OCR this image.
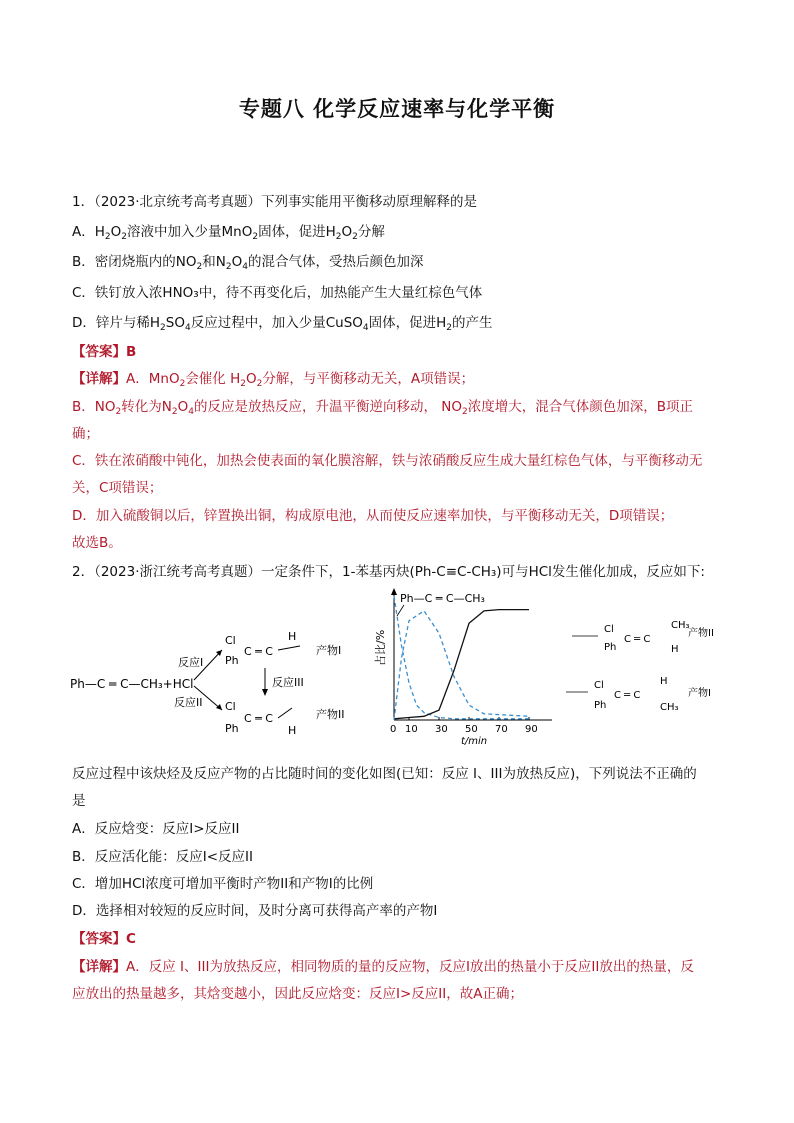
专题八 化学反应速率与化学平衡
1．（2023·北京统考高考真题）下列事实能用平衡移动原理解释的是
A．$H_2O_2$溶液中加入少量MnO$_2$固体，促进$H_2O_2$分解
B．密闭烧瓶内的$NO_2$和$N_2O_4$的混合气体，受热后颜色加深
C．铁钉放入浓HNO₃中，待不再变化后，加热能产生大量红棕色气体
D．锌片与稀$H_2SO_4$反应过程中，加入少量CuSO$_4$固体，促进$H_2$的产生
【答案】B
【详解】A．MnO$_2$会催化 $H_2O_2$分解，与平衡移动无关，A项错误；
B．$NO_2$转化为$N_2O_4$的反应是放热反应，升温平衡逆向移动， $NO_2$浓度增大，混合气体颜色加深，B项正
确；
C．铁在浓硝酸中钝化，加热会使表面的氧化膜溶解，铁与浓硝酸反应生成大量红棕色气体，与平衡移动无
关，C项错误；
D．加入硫酸铜以后，锌置换出铜，构成原电池，从而使反应速率加快，与平衡移动无关，D项错误；
故选B。
2．（2023·浙江统考高考真题）一定条件下，1-苯基丙炔(Ph-C≡C-CH₃)可与HCl发生催化加成，反应如下:
Ph—C ═ C—CH₃+HCl
反应I
反应II
Cl
Ph
C ═ C
H
产物I
反应III
Cl
Ph
C ═ C
H
产物II
占比/%
0 10 30 50 70 90
t/min
Ph—C ═ C—CH₃
Cl
Ph
C ═ C
CH₃
H
产物II
Cl
Ph
C ═ C
H
CH₃
产物I
反应过程中该炔烃及反应产物的占比随时间的变化如图(已知：反应 I、III为放热反应)，下列说法不正确的
是
A．反应焓变：反应I>反应II
B．反应活化能：反应I<反应II
C．增加HCl浓度可增加平衡时产物II和产物I的比例
D．选择相对较短的反应时间，及时分离可获得高产率的产物I
【答案】C
【详解】A．反应 I、III为放热反应，相同物质的量的反应物，反应I放出的热量小于反应II放出的热量，反
应放出的热量越多，其焓变越小，因此反应焓变：反应I>反应II，故A正确；
